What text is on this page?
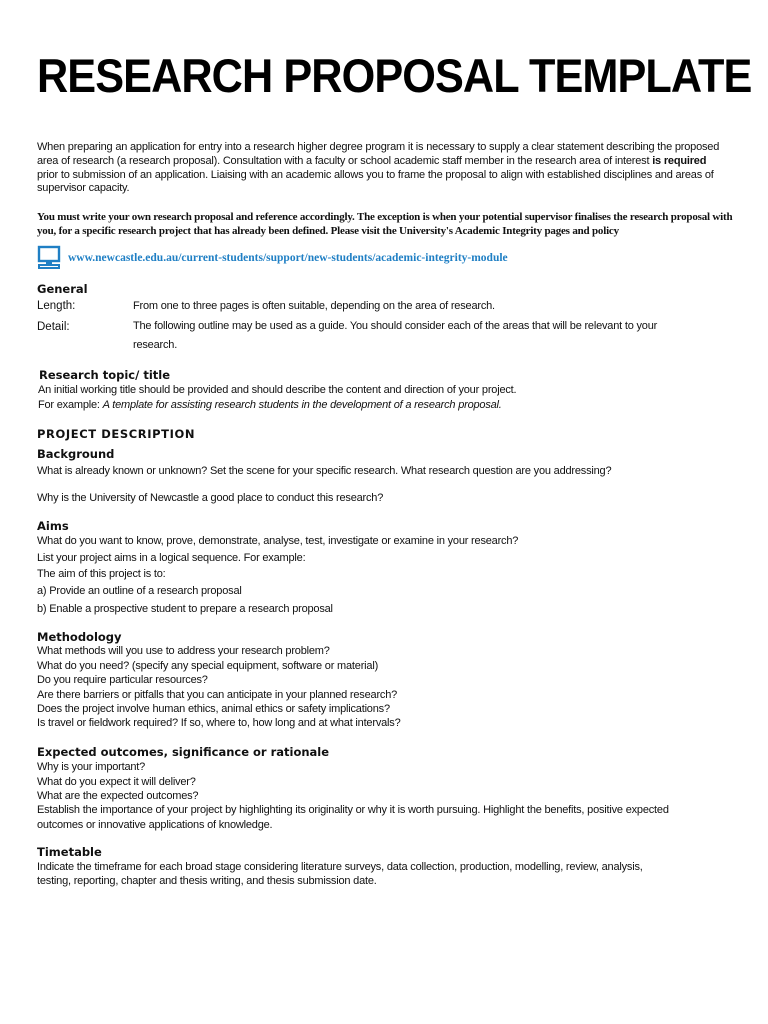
RESEARCH PROPOSAL TEMPLATE
When preparing an application for entry into a research higher degree program it is necessary to supply a clear statement describing the proposed area of research (a research proposal). Consultation with a faculty or school academic staff member in the research area of interest is required prior to submission of an application. Liaising with an academic allows you to frame the proposal to align with established disciplines and areas of supervisor capacity.
You must write your own research proposal and reference accordingly. The exception is when your potential supervisor finalises the research proposal with you, for a specific research project that has already been defined. Please visit the University's Academic Integrity pages and policy
www.newcastle.edu.au/current-students/support/new-students/academic-integrity-module
General
Length:	From one to three pages is often suitable, depending on the area of research.
Detail:	The following outline may be used as a guide. You should consider each of the areas that will be relevant to your research.
Research topic/ title
An initial working title should be provided and should describe the content and direction of your project.
For example: A template for assisting research students in the development of a research proposal.
PROJECT DESCRIPTION
Background
What is already known or unknown? Set the scene for your specific research. What research question are you addressing?
Why is the University of Newcastle a good place to conduct this research?
Aims
What do you want to know, prove, demonstrate, analyse, test, investigate or examine in your research?
List your project aims in a logical sequence. For example:
The aim of this project is to:
a) Provide an outline of a research proposal
b) Enable a prospective student to prepare a research proposal
Methodology
What methods will you use to address your research problem?
What do you need? (specify any special equipment, software or material)
Do you require particular resources?
Are there barriers or pitfalls that you can anticipate in your planned research?
Does the project involve human ethics, animal ethics or safety implications?
Is travel or fieldwork required? If so, where to, how long and at what intervals?
Expected outcomes, significance or rationale
Why is your important?
What do you expect it will deliver?
What are the expected outcomes?
Establish the importance of your project by highlighting its originality or why it is worth pursuing. Highlight the benefits, positive expected
outcomes or innovative applications of knowledge.
Timetable
Indicate the timeframe for each broad stage considering literature surveys, data collection, production, modelling, review, analysis,
testing, reporting, chapter and thesis writing, and thesis submission date.
